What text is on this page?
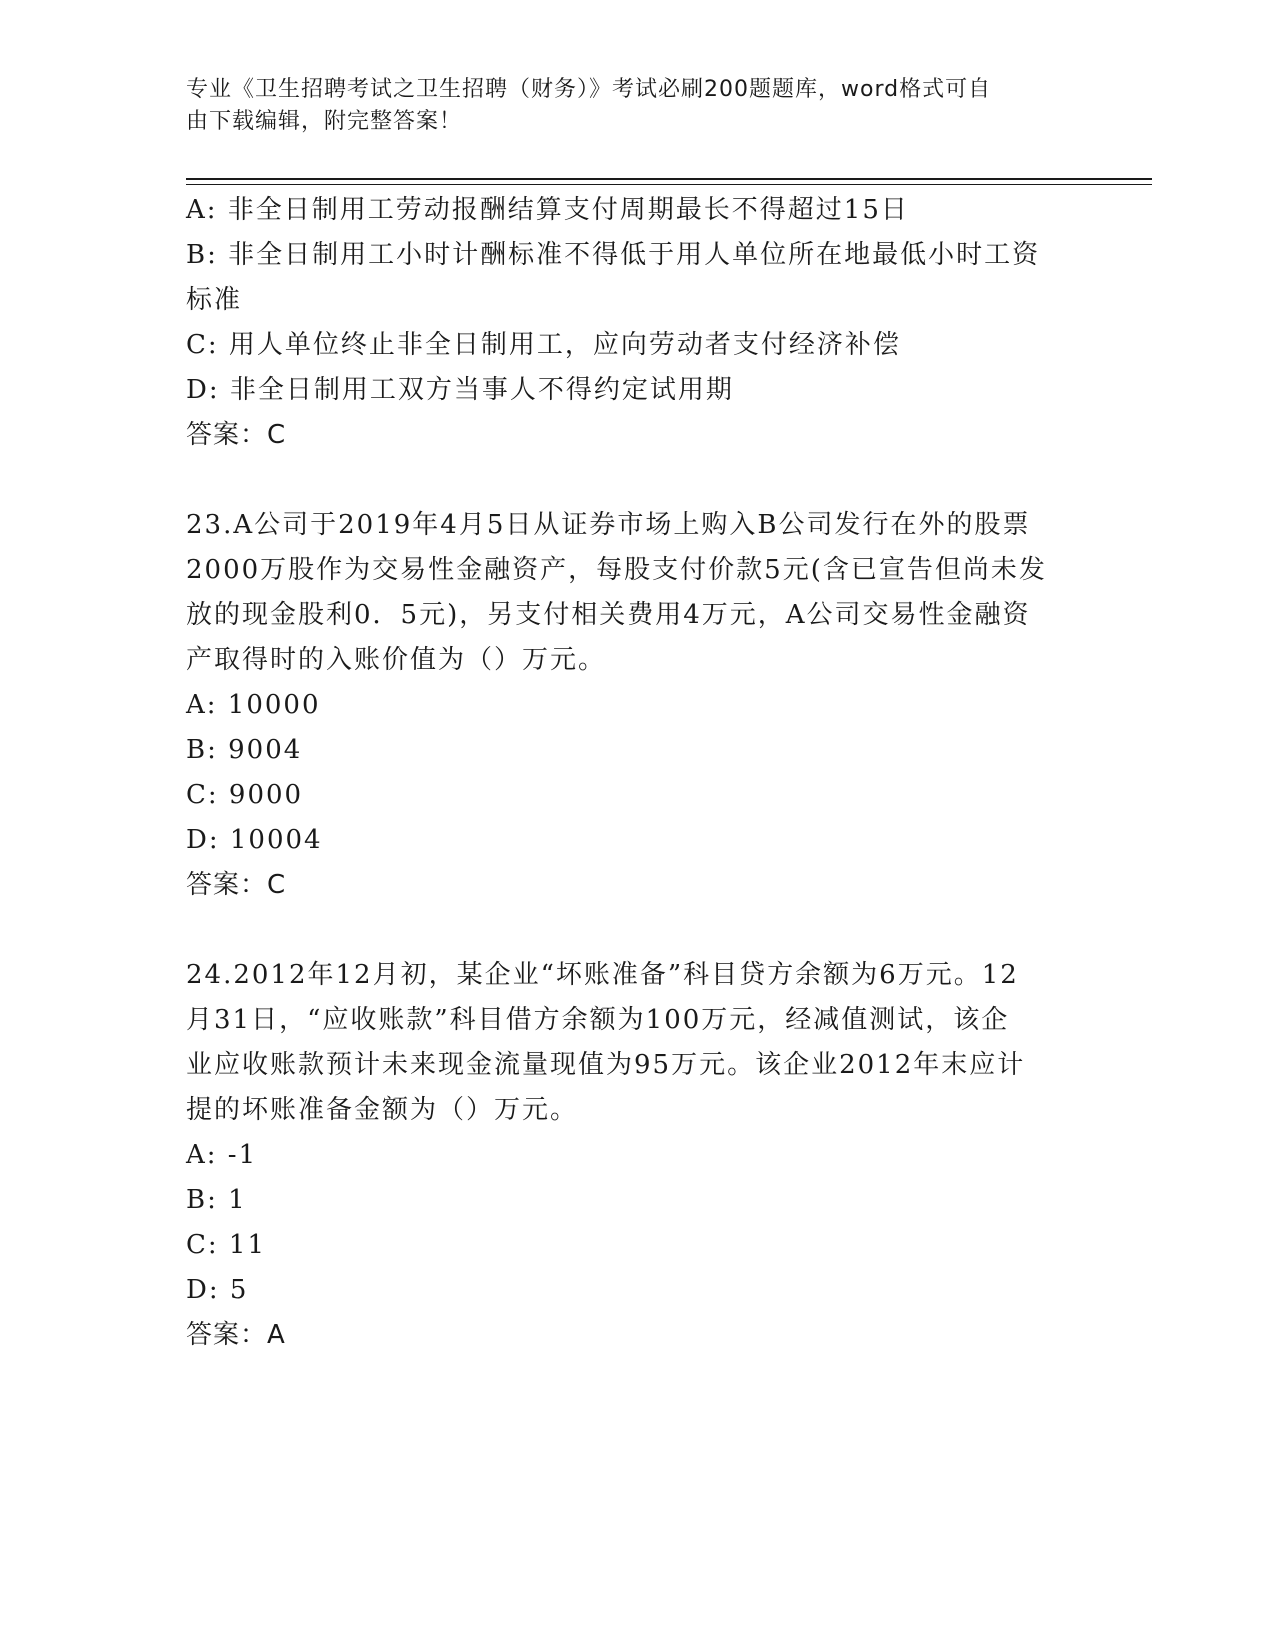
专业《卫生招聘考试之卫生招聘（财务）》考试必刷200题题库，word格式可自
由下载编辑，附完整答案！
A: 非全日制用工劳动报酬结算支付周期最长不得超过15日
B: 非全日制用工小时计酬标准不得低于用人单位所在地最低小时工资
标准
C: 用人单位终止非全日制用工，应向劳动者支付经济补偿
D: 非全日制用工双方当事人不得约定试用期
答案：C
23.A公司于2019年4月5日从证券市场上购入B公司发行在外的股票
2000万股作为交易性金融资产，每股支付价款5元(含已宣告但尚未发
放的现金股利0．5元)，另支付相关费用4万元，A公司交易性金融资
产取得时的入账价值为（）万元。
A: 10000
B: 9004
C: 9000
D: 10004
答案：C
24.2012年12月初，某企业“坏账准备”科目贷方余额为6万元。12
月31日，“应收账款”科目借方余额为100万元，经减值测试，该企
业应收账款预计未来现金流量现值为95万元。该企业2012年末应计
提的坏账准备金额为（）万元。
A: -1
B: 1
C: 11
D: 5
答案：A
